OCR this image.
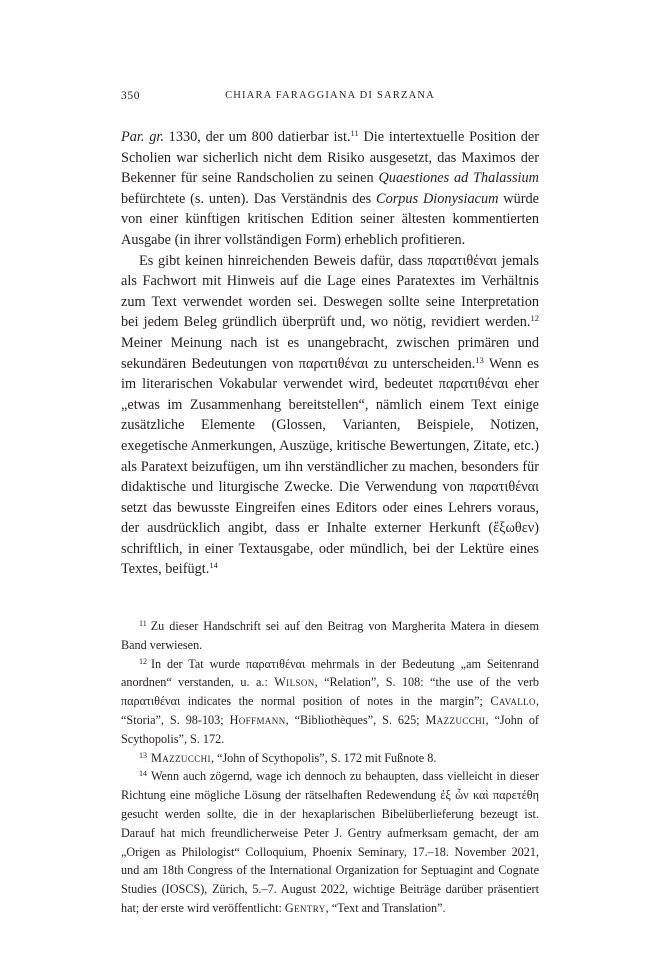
350	CHIARA FARAGGIANA DI SARZANA

Par. gr. 1330, der um 800 datierbar ist.$^{11}$ Die intertextuelle Position der Scholien war sicherlich nicht dem Risiko ausgesetzt, das Maximos der Bekenner für seine Randscholien zu seinen Quaestiones ad Thalassium befürchtete (s. unten). Das Verständnis des Corpus Dionysiacum würde von einer künftigen kritischen Edition seiner ältesten kommentierten Ausgabe (in ihrer vollständigen Form) erheblich profitieren.

Es gibt keinen hinreichenden Beweis dafür, dass παρατιθέναι jemals als Fachwort mit Hinweis auf die Lage eines Paratextes im Verhältnis zum Text verwendet worden sei. Deswegen sollte seine Interpretation bei jedem Beleg gründlich überprüft und, wo nötig, revidiert werden.$^{12}$ Meiner Meinung nach ist es unangebracht, zwischen primären und sekundären Bedeutungen von παρατιθέναι zu unterscheiden.$^{13}$ Wenn es im literarischen Vokabular verwendet wird, bedeutet παρατιθέναι eher „etwas im Zusammenhang bereitstellen“, nämlich einem Text einige zusätzliche Elemente (Glossen, Varianten, Beispiele, Notizen, exegetische Anmerkungen, Auszüge, kritische Bewertungen, Zitate, etc.) als Paratext beizufügen, um ihn verständlicher zu machen, besonders für didaktische und liturgische Zwecke. Die Verwendung von παρατιθέναι setzt das bewusste Eingreifen eines Editors oder eines Lehrers voraus, der ausdrücklich angibt, dass er Inhalte externer Herkunft (ἔξωθεν) schriftlich, in einer Textausgabe, oder mündlich, bei der Lektüre eines Textes, beifügt.$^{14}$

$^{11}$ Zu dieser Handschrift sei auf den Beitrag von Margherita Matera in diesem Band verwiesen.

$^{12}$ In der Tat wurde παρατιθέναι mehrmals in der Bedeutung „am Seitenrand anordnen“ verstanden, u. a.: Wilson, “Relation”, S. 108: “the use of the verb παρατιθέναι indicates the normal position of notes in the margin”; Cavallo, “Storia”, S. 98-103; Hoffmann, “Bibliothèques”, S. 625; Mazzucchi, “John of Scythopolis”, S. 172.

$^{13}$ Mazzucchi, “John of Scythopolis”, S. 172 mit Fußnote 8.

$^{14}$ Wenn auch zögernd, wage ich dennoch zu behaupten, dass vielleicht in dieser Richtung eine mögliche Lösung der rätselhaften Redewendung ἐξ ὧν καὶ παρετέθη gesucht werden sollte, die in der hexaplarischen Bibelüberlieferung bezeugt ist. Darauf hat mich freundlicherweise Peter J. Gentry aufmerksam gemacht, der am „Origen as Philologist“ Colloquium, Phoenix Seminary, 17.–18. November 2021, und am 18th Congress of the International Organization for Septuagint and Cognate Studies (IOSCS), Zürich, 5.–7. August 2022, wichtige Beiträge darüber präsentiert hat; der erste wird veröffentlicht: Gentry, “Text and Translation”.
